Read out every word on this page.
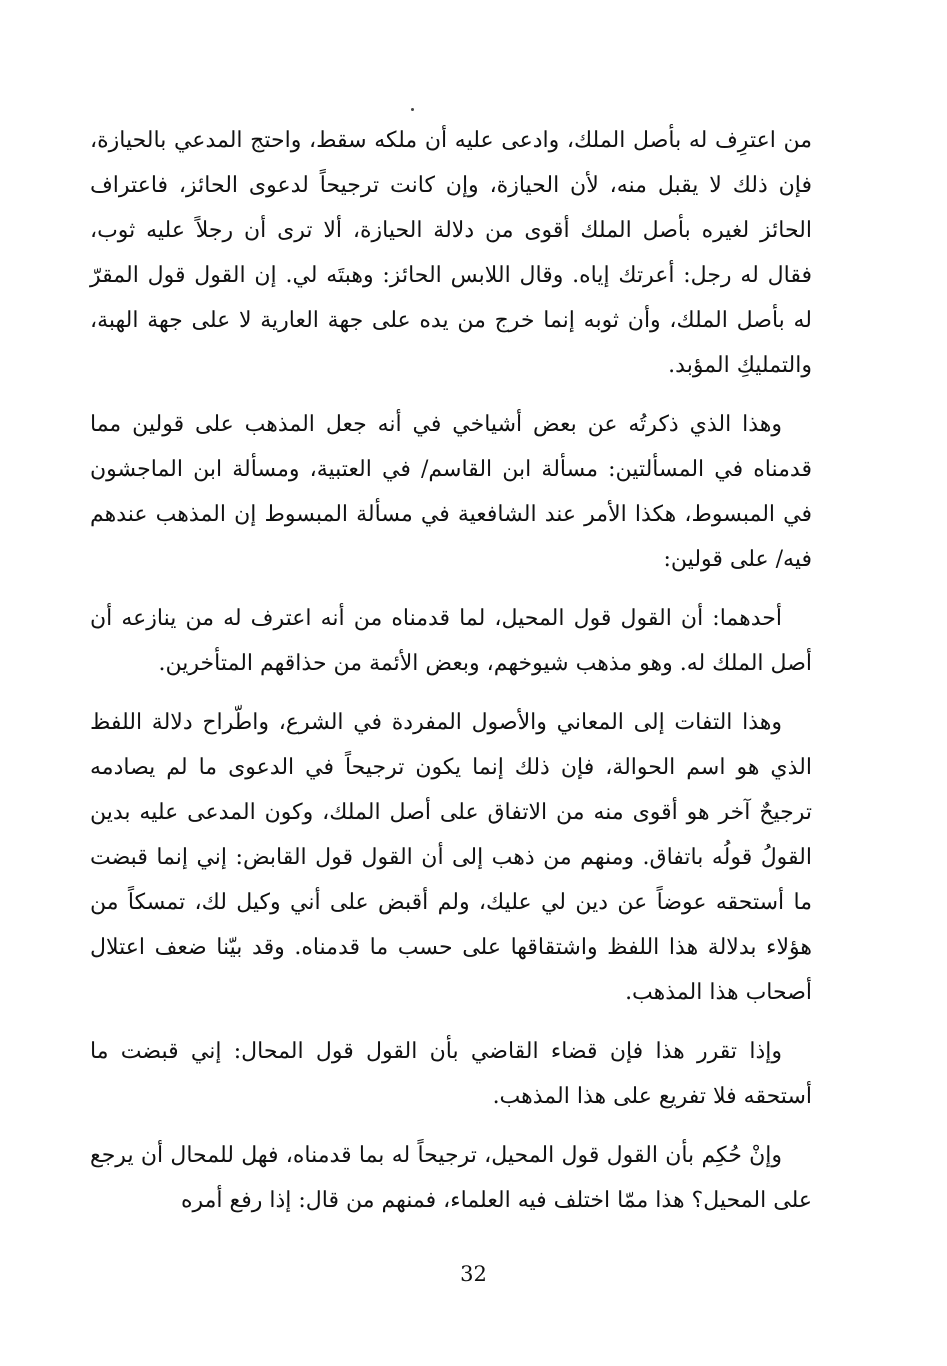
من اعترِف له بأصل الملك، وادعى عليه أن ملكه سقط، واحتج المدعي بالحيازة، فإن ذلك لا يقبل منه، لأن الحيازة، وإن كانت ترجيحاً لدعوى الحائز، فاعتراف الحائز لغيره بأصل الملك أقوى من دلالة الحيازة، ألا ترى أن رجلاً عليه ثوب، فقال له رجل: أعرتك إياه. وقال اللابس الحائز: وهبتَه لي. إن القول قول المقرّ له بأصل الملك، وأن ثوبه إنما خرج من يده على جهة العارية لا على جهة الهبة، والتمليكِ المؤبد.

وهذا الذي ذكرتُه عن بعض أشياخي في أنه جعل المذهب على قولين مما قدمناه في المسألتين: مسألة ابن القاسم/ في العتبية، ومسألة ابن الماجشون في المبسوط، هكذا الأمر عند الشافعية في مسألة المبسوط إن المذهب عندهم فيه/ على قولين:

أحدهما: أن القول قول المحيل، لما قدمناه من أنه اعترف له من ينازعه أن أصل الملك له. وهو مذهب شيوخهم، وبعض الأئمة من حذاقهم المتأخرين.

وهذا التفات إلى المعاني والأصول المفردة في الشرع، واطّراح دلالة اللفظ الذي هو اسم الحوالة، فإن ذلك إنما يكون ترجيحاً في الدعوى ما لم يصادمه ترجيحٌ آخر هو أقوى منه من الاتفاق على أصل الملك، وكون المدعى عليه بدين القولُ قولُه باتفاق. ومنهم من ذهب إلى أن القول قول القابض: إني إنما قبضت ما أستحقه عوضاً عن دين لي عليك، ولم أقبض على أني وكيل لك، تمسكاً من هؤلاء بدلالة هذا اللفظ واشتقاقها على حسب ما قدمناه. وقد بيّنا ضعف اعتلال أصحاب هذا المذهب.

وإذا تقرر هذا فإن قضاء القاضي بأن القول قول المحال: إني قبضت ما أستحقه فلا تفريع على هذا المذهب.

وإنْ حُكِم بأن القول قول المحيل، ترجيحاً له بما قدمناه، فهل للمحال أن يرجع على المحيل؟ هذا ممّا اختلف فيه العلماء، فمنهم من قال: إذا رفع أمره

32
